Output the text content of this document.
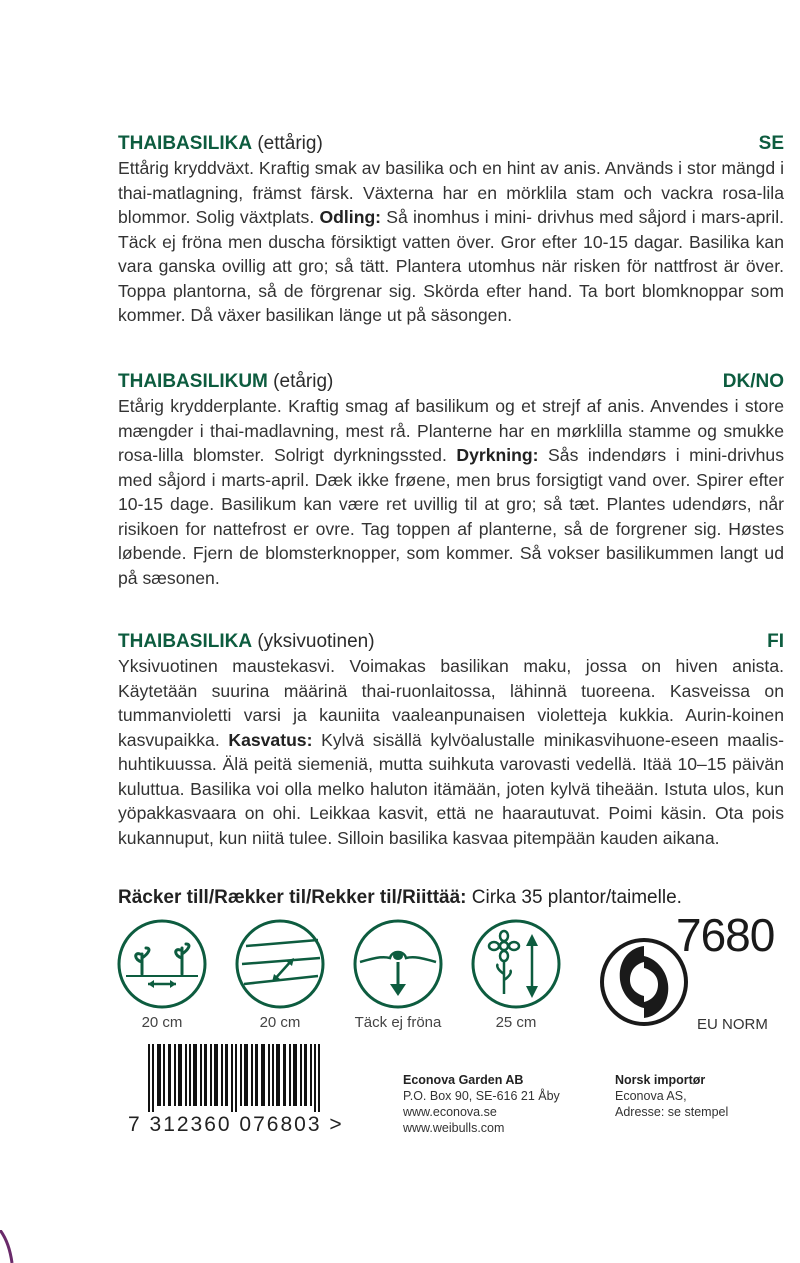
THAIBASILIKA (ettårig)	SE
Ettårig kryddväxt. Kraftig smak av basilika och en hint av anis. Används i stor mängd i thai-matlagning, främst färsk. Växterna har en mörklila stam och vackra rosa-lila blommor. Solig växtplats. Odling: Så inomhus i mini- drivhus med såjord i mars-april. Täck ej fröna men duscha försiktigt vatten över. Gror efter 10-15 dagar. Basilika kan vara ganska ovillig att gro; så tätt. Plantera utomhus när risken för nattfrost är över. Toppa plantorna, så de förgrenar sig. Skörda efter hand. Ta bort blomknoppar som kommer. Då växer basilikan länge ut på säsongen.
THAIBASILIKUM (etårig)	DK/NO
Etårig krydderplante. Kraftig smag af basilikum og et strejf af anis. Anvendes i store mængder i thai-madlavning, mest rå. Planterne har en mørklilla stamme og smukke rosa-lilla blomster. Solrigt dyrkningssted. Dyrkning: Sås indendørs i mini-drivhus med såjord i marts-april. Dæk ikke frøene, men brus forsigtigt vand over. Spirer efter 10-15 dage. Basilikum kan være ret uvillig til at gro; så tæt. Plantes udendørs, når risikoen for nattefrost er ovre. Tag toppen af planterne, så de forgrener sig. Høstes løbende. Fjern de blomsterknopper, som kommer. Så vokser basilikummen langt ud på sæsonen.
THAIBASILIKA (yksivuotinen)	FI
Yksivuotinen maustekasvi. Voimakas basilikan maku, jossa on hiven anista. Käytetään suurina määrinä thai-ruonlaitossa, lähinnä tuoreena. Kasveissa on tummanvioletti varsi ja kauniita vaaleanpunaisen violetteja kukkia. Aurin-koinen kasvupaikka. Kasvatus: Kylvä sisällä kylvöalustalle minikasvihuone-eseen maalis-huhtikuussa. Älä peitä siemeniä, mutta suihkuta varovasti vedellä. Itää 10–15 päivän kuluttua. Basilika voi olla melko haluton itämään, joten kylvä tiheään. Istuta ulos, kun yöpakkasvaara on ohi. Leikkaa kasvit, että ne haarautuvat. Poimi käsin. Ota pois kukannuput, kun niitä tulee. Silloin basilika kasvaa pitempään kauden aikana.
Räcker till/Rækker til/Rekker til/Riittää: Cirka 35 plantor/taimelle.
20 cm	20 cm	Täck ej fröna	25 cm
7680
EU NORM
7 312360 076803 >
Econova Garden AB
P.O. Box 90, SE-616 21 Åby
www.econova.se
www.weibulls.com
Norsk importør
Econova AS,
Adresse: se stempel
